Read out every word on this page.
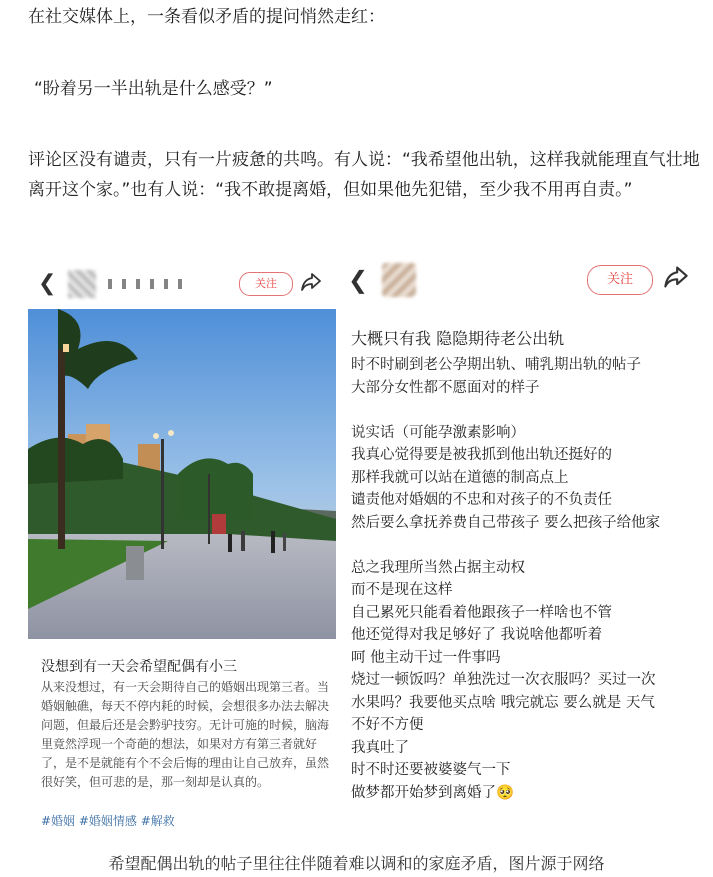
在社交媒体上，一条看似矛盾的提问悄然走红：

“盼着另一半出轨是什么感受？”

评论区没有谴责，只有一片疲惫的共鸣。有人说：“我希望他出轨，这样我就能理直气壮地离开这个家。”也有人说：“我不敢提离婚，但如果他先犯错，至少我不用再自责。”

❮	关注
没想到有一天会希望配偶有小三
从来没想过，有一天会期待自己的婚姻出现第三者。当婚姻触礁，每天不停内耗的时候，会想很多办法去解决问题，但最后还是会黔驴技穷。无计可施的时候，脑海里竟然浮现一个奇葩的想法，如果对方有第三者就好了，是不是就能有个不会后悔的理由让自己放弃，虽然很好笑，但可悲的是，那一刻却是认真的。
#婚姻 #婚姻情感 #解救
❮	关注
大概只有我 隐隐期待老公出轨
时不时刷到老公孕期出轨、哺乳期出轨的帖子
大部分女性都不愿面对的样子
说实话（可能孕激素影响）
我真心觉得要是被我抓到他出轨还挺好的
那样我就可以站在道德的制高点上
谴责他对婚姻的不忠和对孩子的不负责任
然后要么拿抚养费自己带孩子 要么把孩子给他家
总之我理所当然占据主动权
而不是现在这样
自己累死只能看着他跟孩子一样啥也不管
他还觉得对我足够好了 我说啥他都听着
呵 他主动干过一件事吗
烧过一顿饭吗？单独洗过一次衣服吗？买过一次
水果吗？我要他买点啥 哦完就忘 要么就是 天气
不好不方便
我真吐了
时不时还要被婆婆气一下
做梦都开始梦到离婚了🥺
希望配偶出轨的帖子里往往伴随着难以调和的家庭矛盾，图片源于网络
